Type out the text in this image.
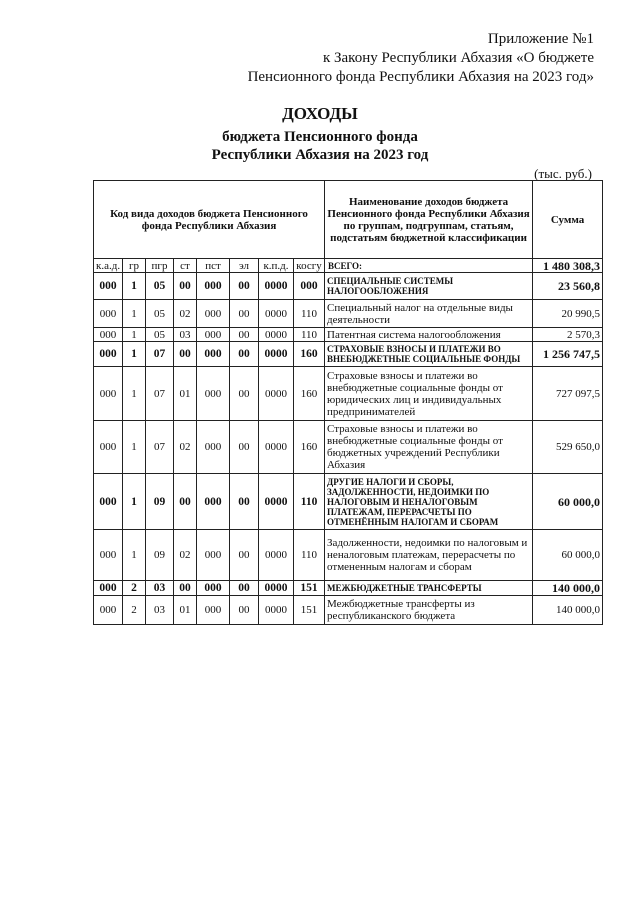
Приложение №1
к Закону Республики Абхазия «О бюджете
Пенсионного фонда Республики Абхазия на 2023 год»
ДОХОДЫ
бюджета Пенсионного фонда
Республики Абхазия на 2023 год
(тыс. руб.)
Код вида доходов бюджета Пенсионного фонда Республики Абхазия								Наименование доходов бюджета Пенсионного фонда Республики Абхазия по группам, подгруппам, статьям, подстатьям бюджетной классификации	Сумма
к.а.д.	гр	пгр	ст	пст	эл	к.п.д.	косгу	ВСЕГО:	1 480 308,3
000	1	05	00	000	00	0000	000	СПЕЦИАЛЬНЫЕ СИСТЕМЫ НАЛОГООБЛОЖЕНИЯ	23 560,8
000	1	05	02	000	00	0000	110	Специальный налог на отдельные виды деятельности	20 990,5
000	1	05	03	000	00	0000	110	Патентная система налогообложения	2 570,3
000	1	07	00	000	00	0000	160	СТРАХОВЫЕ ВЗНОСЫ И ПЛАТЕЖИ ВО ВНЕБЮДЖЕТНЫЕ СОЦИАЛЬНЫЕ ФОНДЫ	1 256 747,5
000	1	07	01	000	00	0000	160	Страховые взносы и платежи во внебюджетные социальные фонды от юридических лиц и индивидуальных предпринимателей	727 097,5
000	1	07	02	000	00	0000	160	Страховые взносы и платежи во внебюджетные социальные фонды от бюджетных учреждений Республики Абхазия	529 650,0
000	1	09	00	000	00	0000	110	ДРУГИЕ НАЛОГИ И СБОРЫ, ЗАДОЛЖЕННОСТИ, НЕДОИМКИ ПО НАЛОГОВЫМ И НЕНАЛОГОВЫМ ПЛАТЕЖАМ, ПЕРЕРАСЧЕТЫ ПО ОТМЕНЁННЫМ НАЛОГАМ И СБОРАМ	60 000,0
000	1	09	02	000	00	0000	110	Задолженности, недоимки по налоговым и неналоговым платежам, перерасчеты по отмененным налогам и сборам	60 000,0
000	2	03	00	000	00	0000	151	МЕЖБЮДЖЕТНЫЕ ТРАНСФЕРТЫ	140 000,0
000	2	03	01	000	00	0000	151	Межбюджетные трансферты из республиканского бюджета	140 000,0
